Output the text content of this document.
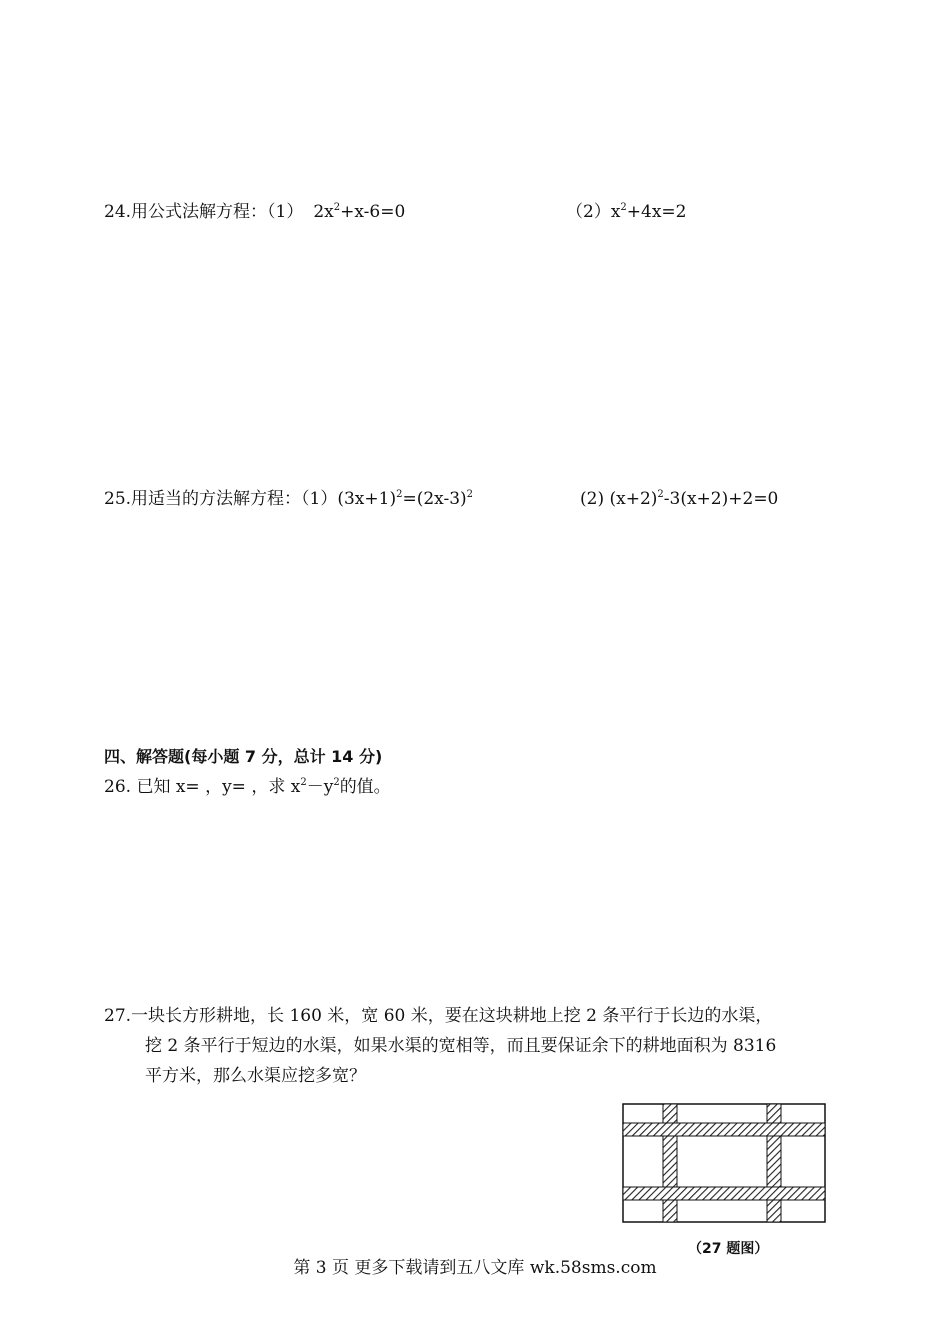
24.用公式法解方程：（1） $2x^2+x-6=0$	$(2)x^2+4x=2$
25.用适当的方法解方程：$(1)(3x+1)^2=(2x-3)^2$	(2) $(x+2)^2-3(x+2)+2=0$
四、解答题(每小题 7 分，总计 14 分)
26. 已知 x= ，y= ，求 $x^2-y^2$的值。
27.一块长方形耕地，长 160 米，宽 60 米，要在这块耕地上挖 2 条平行于长边的水渠，
挖 2 条平行于短边的水渠，如果水渠的宽相等，而且要保证余下的耕地面积为 8316
平方米，那么水渠应挖多宽？
（27 题图）
第 3 页 更多下载请到五八文库 wk.58sms.com
